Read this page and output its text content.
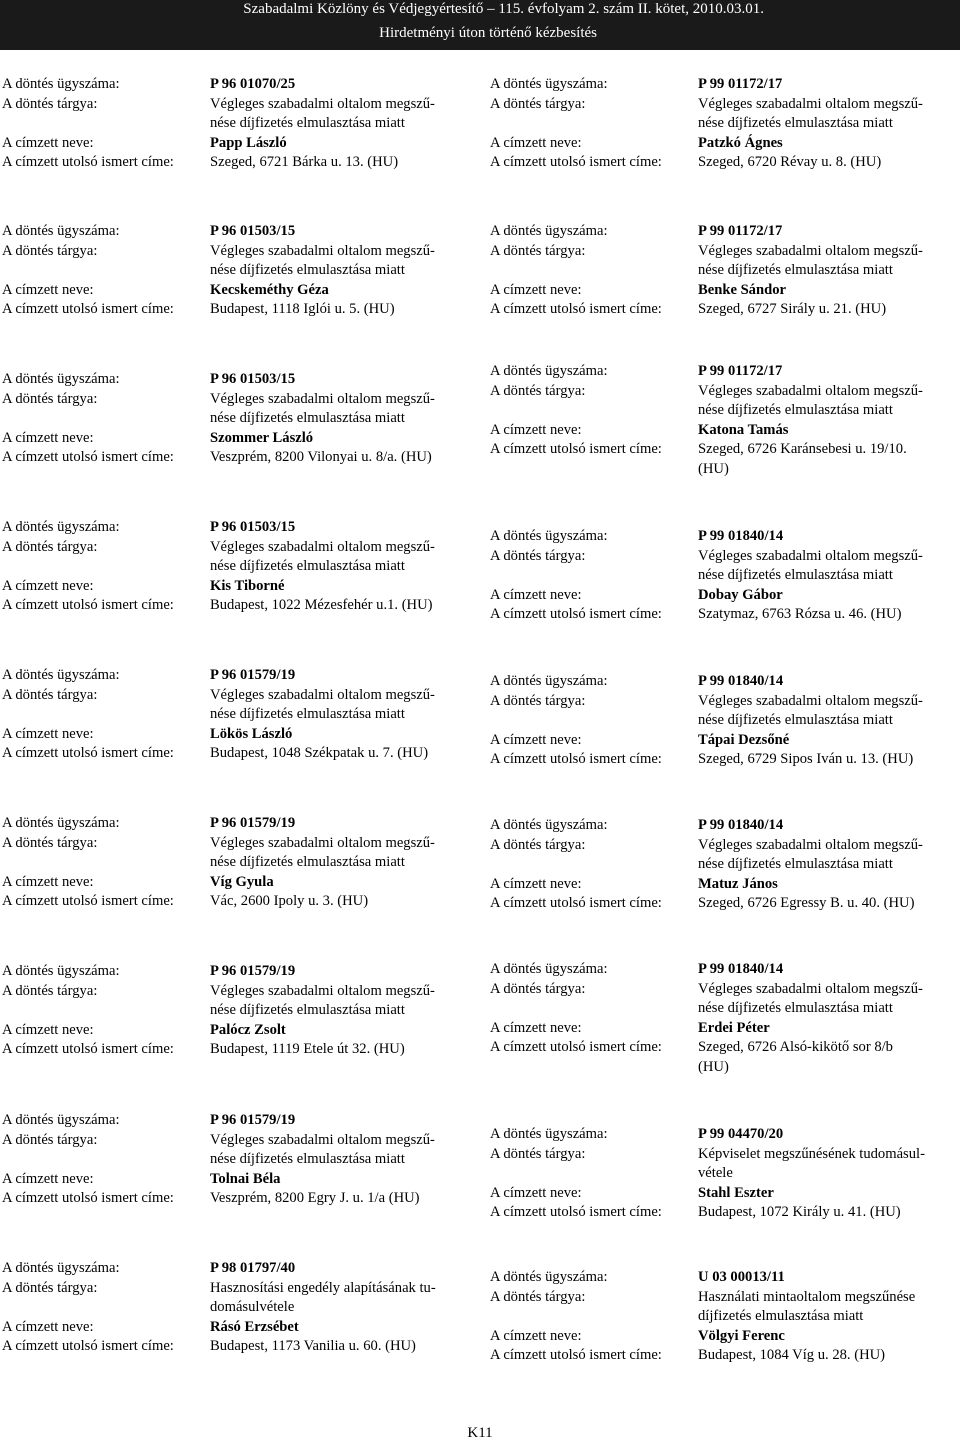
Szabadalmi Közlöny és Védjegyértesítő – 115. évfolyam 2. szám II. kötet, 2010.03.01.
Hirdetményi úton történő kézbesítés
A döntés ügyszáma:	P 96 01070/25
A döntés tárgya:	Végleges szabadalmi oltalom megszű-
nése díjfizetés elmulasztása miatt
A címzett neve:	Papp László
A címzett utolsó ismert címe: Szeged, 6721 Bárka u. 13. (HU)
A döntés ügyszáma:	P 96 01503/15
A döntés tárgya:	Végleges szabadalmi oltalom megszű-
nése díjfizetés elmulasztása miatt
A címzett neve:	Kecskeméthy Géza
A címzett utolsó ismert címe: Budapest, 1118 Iglói u. 5. (HU)
A döntés ügyszáma:	P 96 01503/15
A döntés tárgya:	Végleges szabadalmi oltalom megszű-
nése díjfizetés elmulasztása miatt
A címzett neve:	Szommer László
A címzett utolsó ismert címe: Veszprém, 8200 Vilonyai u. 8/a. (HU)
A döntés ügyszáma:	P 96 01503/15
A döntés tárgya:	Végleges szabadalmi oltalom megszű-
nése díjfizetés elmulasztása miatt
A címzett neve:	Kis Tiborné
A címzett utolsó ismert címe: Budapest, 1022 Mézesfehér u.1. (HU)
A döntés ügyszáma:	P 96 01579/19
A döntés tárgya:	Végleges szabadalmi oltalom megszű-
nése díjfizetés elmulasztása miatt
A címzett neve:	Lökös László
A címzett utolsó ismert címe: Budapest, 1048 Székpatak u. 7. (HU)
A döntés ügyszáma:	P 96 01579/19
A döntés tárgya:	Végleges szabadalmi oltalom megszű-
nése díjfizetés elmulasztása miatt
A címzett neve:	Víg Gyula
A címzett utolsó ismert címe: Vác, 2600 Ipoly u. 3. (HU)
A döntés ügyszáma:	P 96 01579/19
A döntés tárgya:	Végleges szabadalmi oltalom megszű-
nése díjfizetés elmulasztása miatt
A címzett neve:	Palócz Zsolt
A címzett utolsó ismert címe: Budapest, 1119 Etele út 32. (HU)
A döntés ügyszáma:	P 96 01579/19
A döntés tárgya:	Végleges szabadalmi oltalom megszű-
nése díjfizetés elmulasztása miatt
A címzett neve:	Tolnai Béla
A címzett utolsó ismert címe: Veszprém, 8200 Egry J. u. 1/a (HU)
A döntés ügyszáma:	P 98 01797/40
A döntés tárgya:	Hasznosítási engedély alapításának tu-
domásulvétele
A címzett neve:	Rásó Erzsébet
A címzett utolsó ismert címe: Budapest, 1173 Vanilia u. 60. (HU)
A döntés ügyszáma:	P 99 01172/17
A döntés tárgya:	Végleges szabadalmi oltalom megszű-
nése díjfizetés elmulasztása miatt
A címzett neve:	Patzkó Ágnes
A címzett utolsó ismert címe: Szeged, 6720 Révay u. 8. (HU)
A döntés ügyszáma:	P 99 01172/17
A döntés tárgya:	Végleges szabadalmi oltalom megszű-
nése díjfizetés elmulasztása miatt
A címzett neve:	Benke Sándor
A címzett utolsó ismert címe: Szeged, 6727 Sirály u. 21. (HU)
A döntés ügyszáma:	P 99 01172/17
A döntés tárgya:	Végleges szabadalmi oltalom megszű-
nése díjfizetés elmulasztása miatt
A címzett neve:	Katona Tamás
A címzett utolsó ismert címe: Szeged, 6726 Karánsebesi u. 19/10.
(HU)
A döntés ügyszáma:	P 99 01840/14
A döntés tárgya:	Végleges szabadalmi oltalom megszű-
nése díjfizetés elmulasztása miatt
A címzett neve:	Dobay Gábor
A címzett utolsó ismert címe: Szatymaz, 6763 Rózsa u. 46. (HU)
A döntés ügyszáma:	P 99 01840/14
A döntés tárgya:	Végleges szabadalmi oltalom megszű-
nése díjfizetés elmulasztása miatt
A címzett neve:	Tápai Dezsőné
A címzett utolsó ismert címe: Szeged, 6729 Sipos Iván u. 13. (HU)
A döntés ügyszáma:	P 99 01840/14
A döntés tárgya:	Végleges szabadalmi oltalom megszű-
nése díjfizetés elmulasztása miatt
A címzett neve:	Matuz János
A címzett utolsó ismert címe: Szeged, 6726 Egressy B. u. 40. (HU)
A döntés ügyszáma:	P 99 01840/14
A döntés tárgya:	Végleges szabadalmi oltalom megszű-
nése díjfizetés elmulasztása miatt
A címzett neve:	Erdei Péter
A címzett utolsó ismert címe: Szeged, 6726 Alsó-kikötő sor 8/b
(HU)
A döntés ügyszáma:	P 99 04470/20
A döntés tárgya:	Képviselet megszűnésének tudomásul-
vétele
A címzett neve:	Stahl Eszter
A címzett utolsó ismert címe: Budapest, 1072 Király u. 41. (HU)
A döntés ügyszáma:	U 03 00013/11
A döntés tárgya:	Használati mintaoltalom megszűnése
díjfizetés elmulasztása miatt
A címzett neve:	Völgyi Ferenc
A címzett utolsó ismert címe: Budapest, 1084 Víg u. 28. (HU)
K11
